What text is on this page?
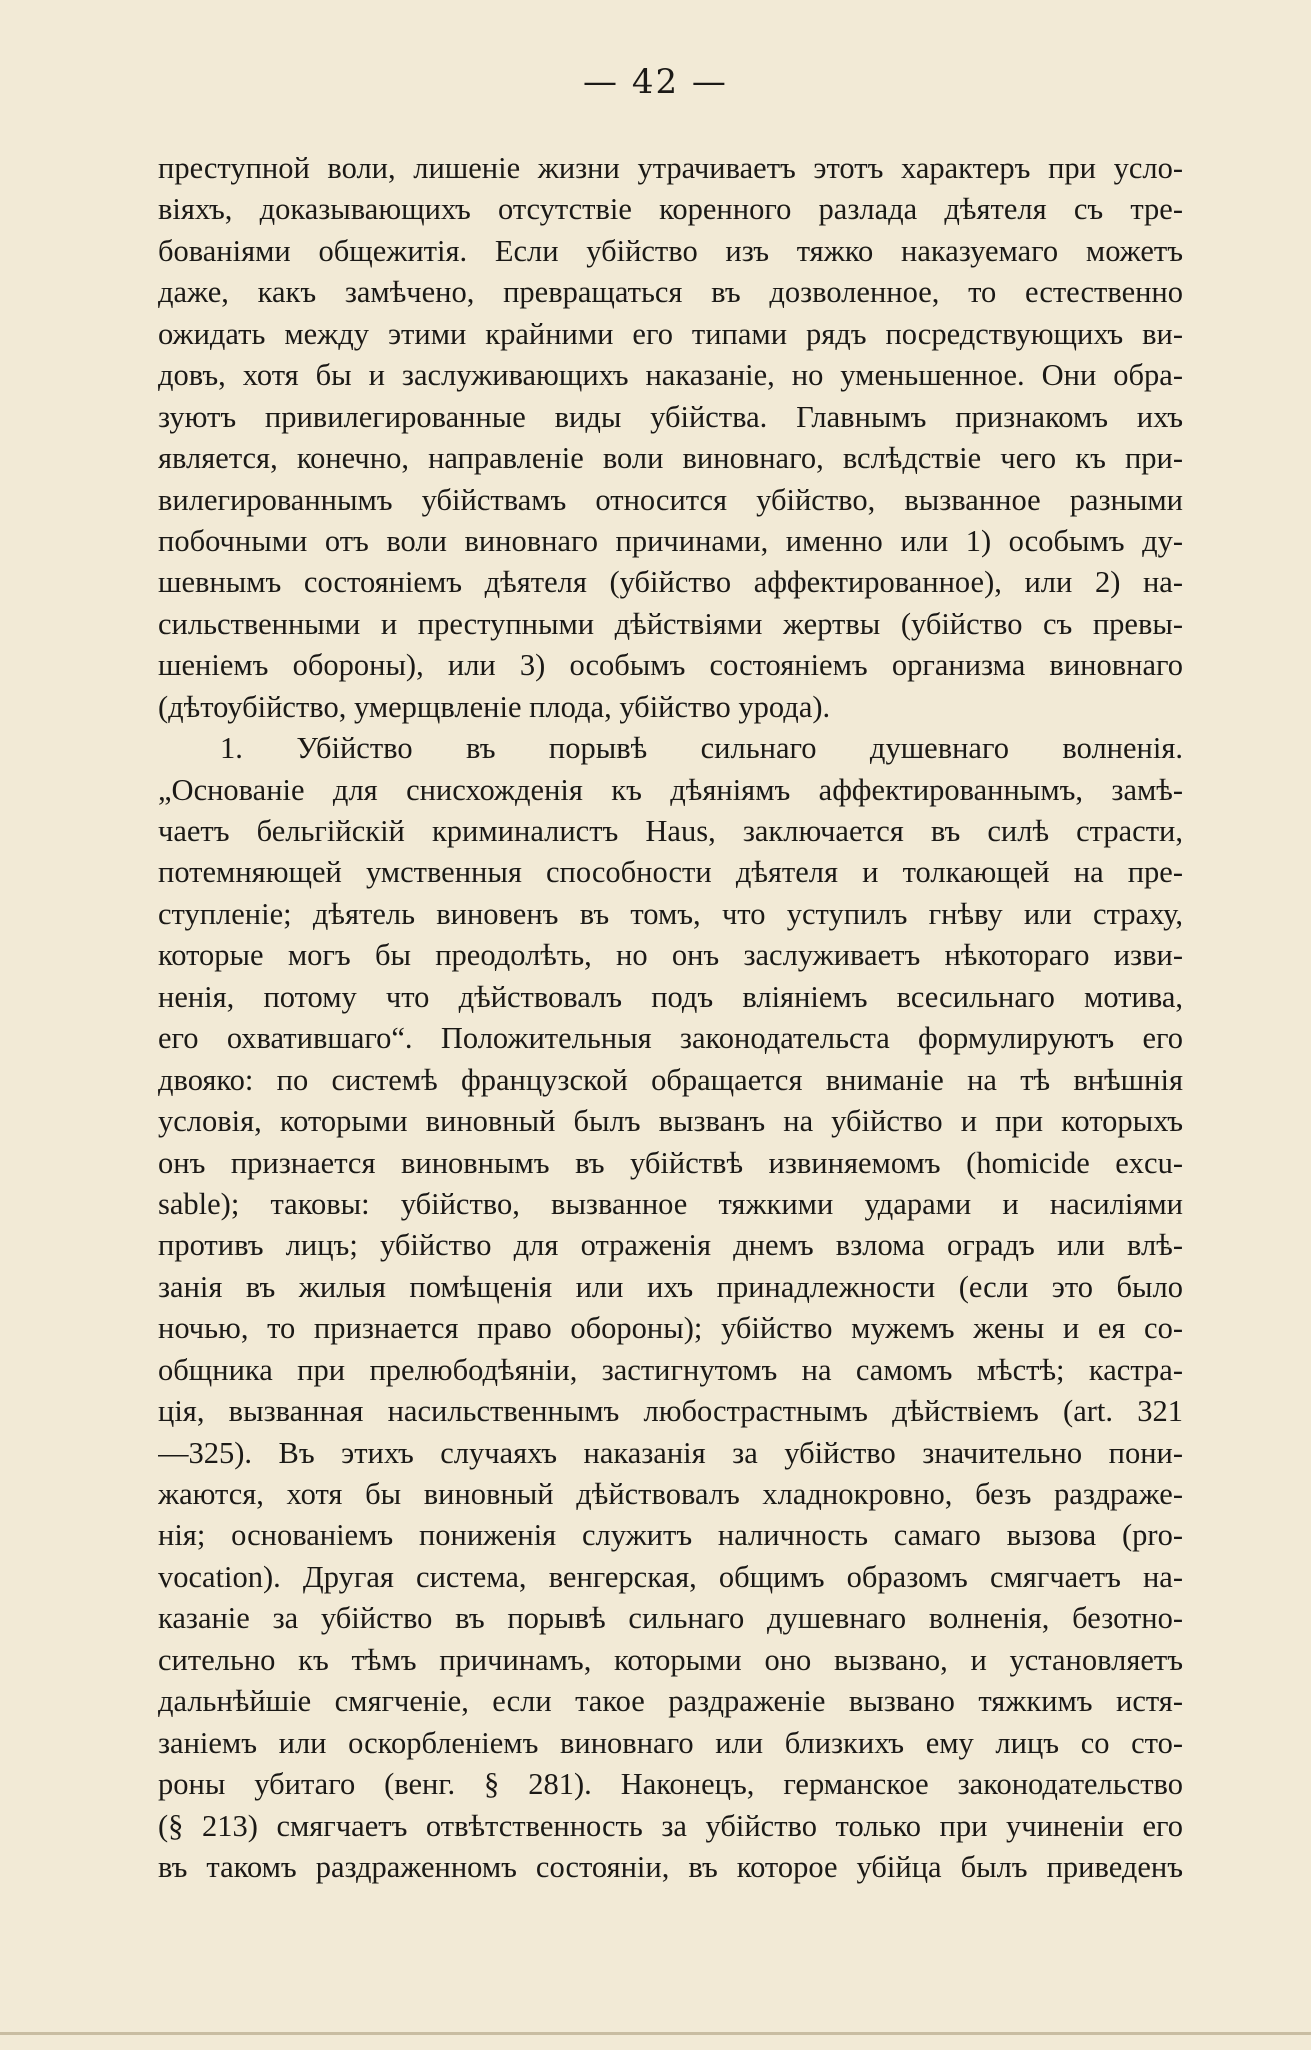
— 42 —
преступной воли, лишеніе жизни утрачиваетъ этотъ характеръ при усло-
віяхъ, доказывающихъ отсутствіе коренного разлада дѣятеля съ тре-
бованіями общежитія. Если убійство изъ тяжко наказуемаго можетъ
даже, какъ замѣчено, превращаться въ дозволенное, то естественно
ожидать между этими крайними его типами рядъ посредствующихъ ви-
довъ, хотя бы и заслуживающихъ наказаніе, но уменьшенное. Они обра-
зуютъ привилегированные виды убійства. Главнымъ признакомъ ихъ
является, конечно, направленіе воли виновнаго, вслѣдствіе чего къ при-
вилегированнымъ убійствамъ относится убійство, вызванное разными
побочными отъ воли виновнаго причинами, именно или 1) особымъ ду-
шевнымъ состояніемъ дѣятеля (убійство аффектированное), или 2) на-
сильственными и преступными дѣйствіями жертвы (убійство съ превы-
шеніемъ обороны), или 3) особымъ состояніемъ организма виновнаго
(дѣтоубійство, умерщвленіе плода, убійство урода).
1. Убійство въ порывѣ сильнаго душевнаго волненія.
„Основаніе для снисхожденія къ дѣяніямъ аффектированнымъ, замѣ-
чаетъ бельгійскій криминалистъ Haus, заключается въ силѣ страсти,
потемняющей умственныя способности дѣятеля и толкающей на пре-
ступленіе; дѣятель виновенъ въ томъ, что уступилъ гнѣву или страху,
которые могъ бы преодолѣть, но онъ заслуживаетъ нѣкотораго изви-
ненія, потому что дѣйствовалъ подъ вліяніемъ всесильнаго мотива,
его охватившаго“. Положительныя законодательста формулируютъ его
двояко: по системѣ французской обращается вниманіе на тѣ внѣшнія
условія, которыми виновный былъ вызванъ на убійство и при которыхъ
онъ признается виновнымъ въ убійствѣ извиняемомъ (homicide excu-
sable); таковы: убійство, вызванное тяжкими ударами и насиліями
противъ лицъ; убійство для отраженія днемъ взлома оградъ или влѣ-
занія въ жилыя помѣщенія или ихъ принадлежности (если это было
ночью, то признается право обороны); убійство мужемъ жены и ея со-
общника при прелюбодѣяніи, застигнутомъ на самомъ мѣстѣ; кастра-
ція, вызванная насильственнымъ любострастнымъ дѣйствіемъ (art. 321
—325). Въ этихъ случаяхъ наказанія за убійство значительно пони-
жаются, хотя бы виновный дѣйствовалъ хладнокровно, безъ раздраже-
нія; основаніемъ пониженія служитъ наличность самаго вызова (pro-
vocation). Другая система, венгерская, общимъ образомъ смягчаетъ на-
казаніе за убійство въ порывѣ сильнаго душевнаго волненія, безотно-
сительно къ тѣмъ причинамъ, которыми оно вызвано, и установляетъ
дальнѣйшіе смягченіе, если такое раздраженіе вызвано тяжкимъ истя-
заніемъ или оскорбленіемъ виновнаго или близкихъ ему лицъ со сто-
роны убитаго (венг. § 281). Наконецъ, германское законодательство
(§ 213) смягчаетъ отвѣтственность за убійство только при учиненіи его
въ такомъ раздраженномъ состояніи, въ которое убійца былъ приведенъ
